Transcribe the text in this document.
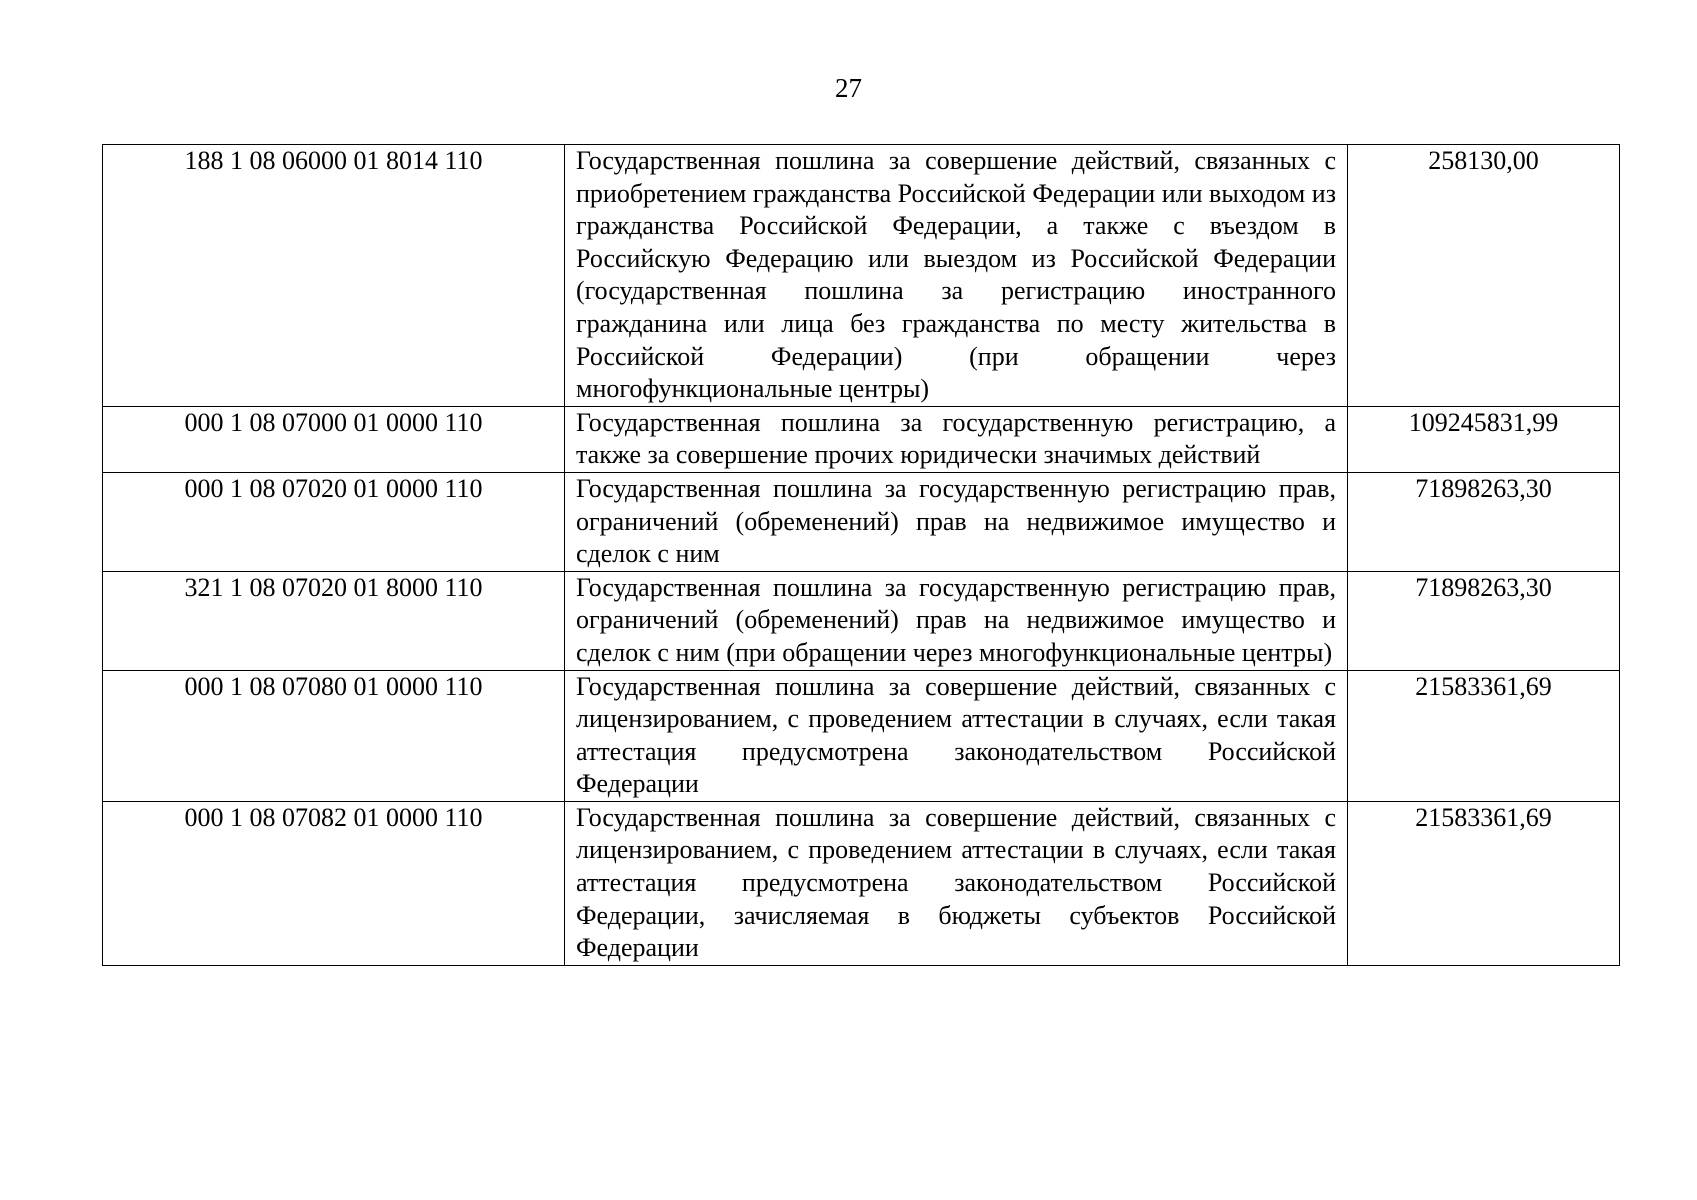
27
188 1 08 06000 01 8014 110	Государственная пошлина за совершение действий, связанных с приобретением гражданства Российской Федерации или выходом из гражданства Российской Федерации, а также с въездом в Российскую Федерацию или выездом из Российской Федерации (государственная пошлина за регистрацию иностранного гражданина или лица без гражданства по месту жительства в Российской Федерации) (при обращении через многофункциональные центры)	258130,00
000 1 08 07000 01 0000 110	Государственная пошлина за государственную регистрацию, а также за совершение прочих юридически значимых действий	109245831,99
000 1 08 07020 01 0000 110	Государственная пошлина за государственную регистрацию прав, ограничений (обременений) прав на недвижимое имущество и сделок с ним	71898263,30
321 1 08 07020 01 8000 110	Государственная пошлина за государственную регистрацию прав, ограничений (обременений) прав на недвижимое имущество и сделок с ним (при обращении через многофункциональные центры)	71898263,30
000 1 08 07080 01 0000 110	Государственная пошлина за совершение действий, связанных с лицензированием, с проведением аттестации в случаях, если такая аттестация предусмотрена законодательством Российской Федерации	21583361,69
000 1 08 07082 01 0000 110	Государственная пошлина за совершение действий, связанных с лицензированием, с проведением аттестации в случаях, если такая аттестация предусмотрена законодательством Российской Федерации, зачисляемая в бюджеты субъектов Российской Федерации	21583361,69
